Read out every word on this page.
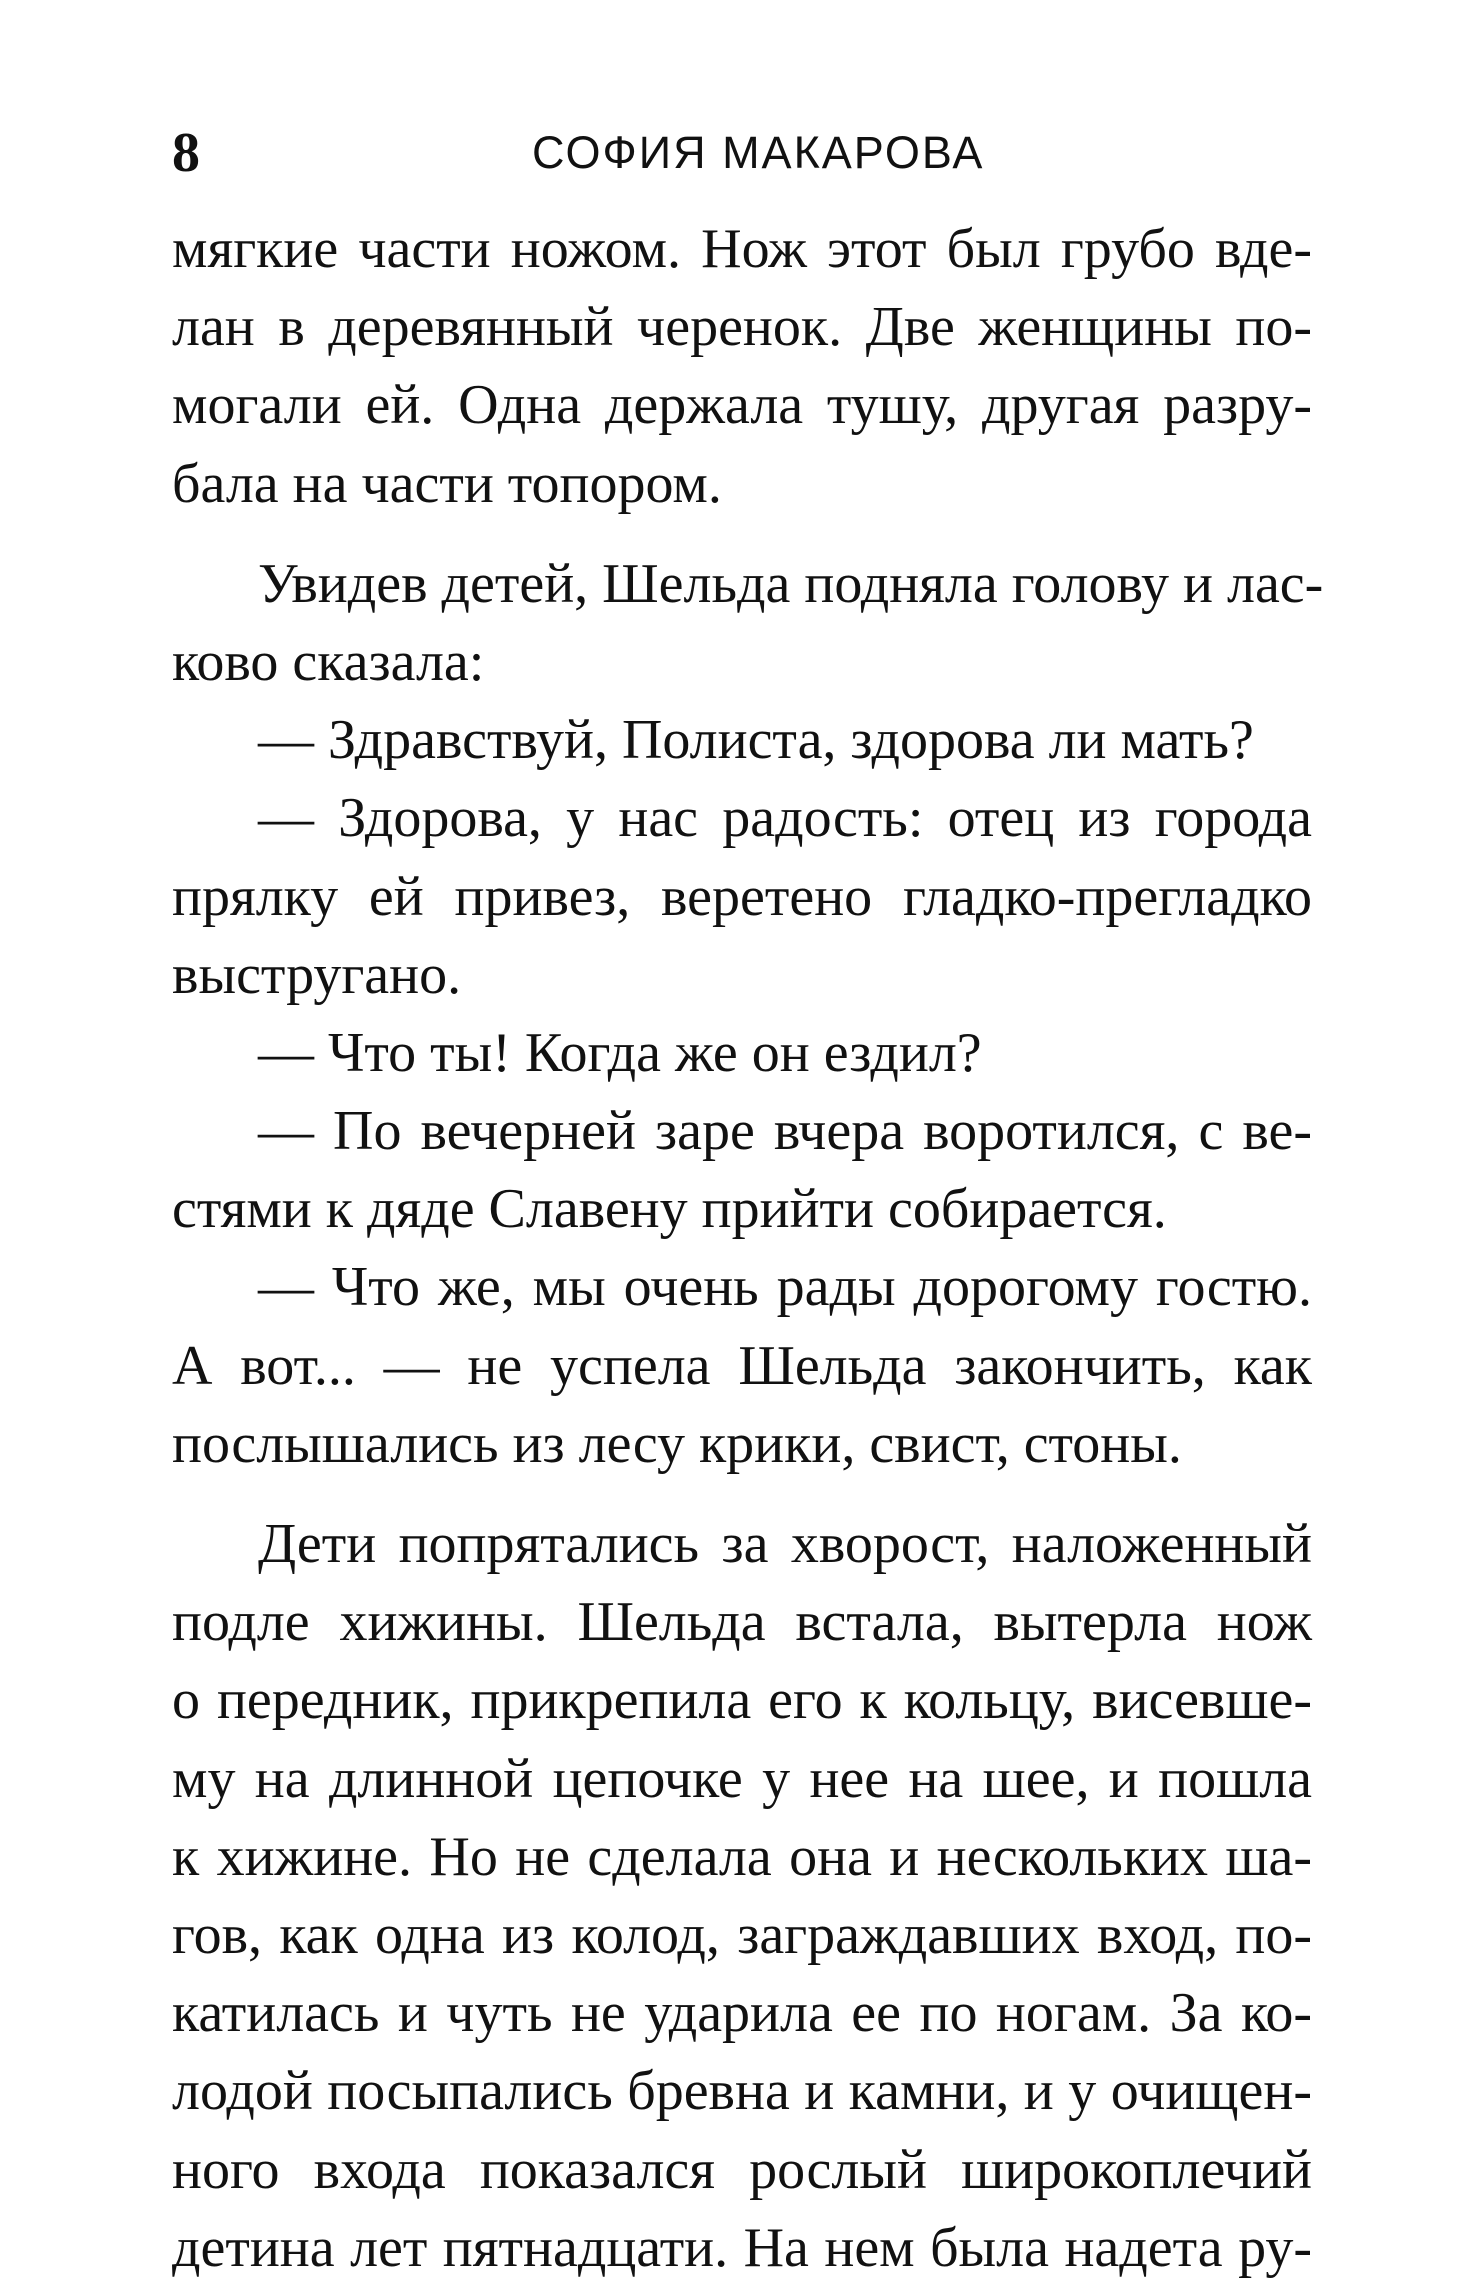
8	СОФИЯ МАКАРОВА
мягкие части ножом. Нож этот был грубо вде-
лан в деревянный черенок. Две женщины по-
могали ей. Одна держала тушу, другая разру-
бала на части топором.
Увидев детей, Шельда подняла голову и лас-
ково сказала:
— Здравствуй, Полиста, здорова ли мать?
— Здорова, у нас радость: отец из города
прялку ей привез, веретено гладко-прегладко
выстругано.
— Что ты! Когда же он ездил?
— По вечерней заре вчера воротился, с ве-
стями к дяде Славену прийти собирается.
— Что же, мы очень рады дорогому гостю.
А вот... — не успела Шельда закончить, как
послышались из лесу крики, свист, стоны.
Дети попрятались за хворост, наложенный
подле хижины. Шельда встала, вытерла нож
о передник, прикрепила его к кольцу, висевше-
му на длинной цепочке у нее на шее, и пошла
к хижине. Но не сделала она и нескольких ша-
гов, как одна из колод, заграждавших вход, по-
катилась и чуть не ударила ее по ногам. За ко-
лодой посыпались бревна и камни, и у очищен-
ного входа показался рослый широкоплечий
детина лет пятнадцати. На нем была надета ру-
